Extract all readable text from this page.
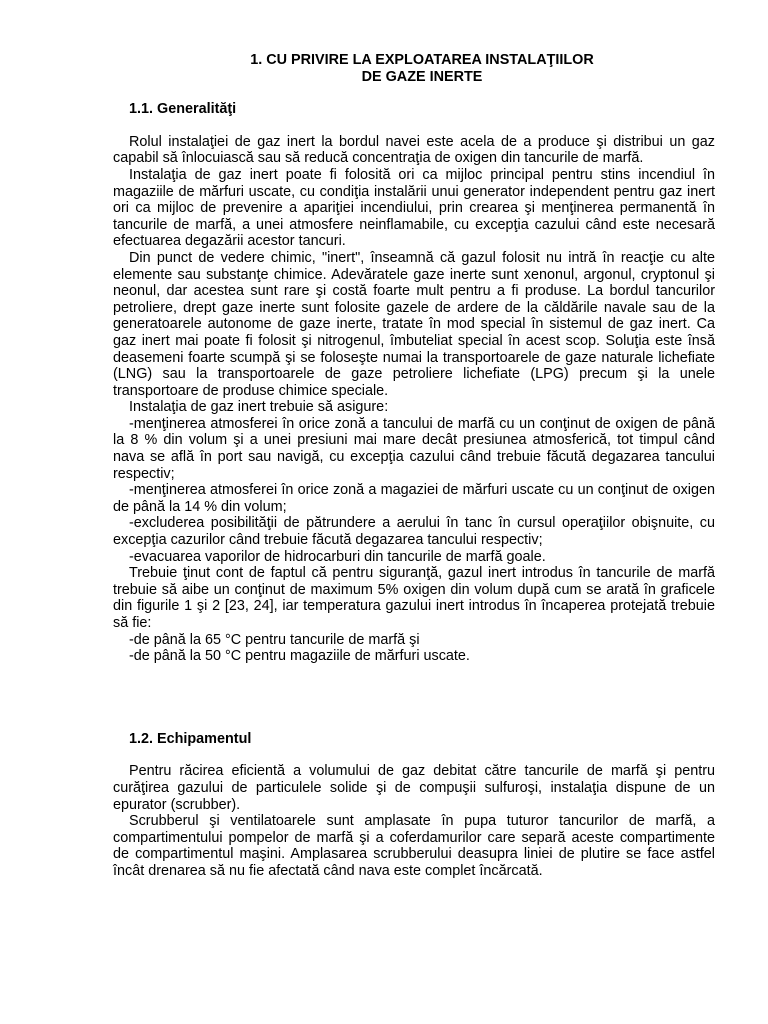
1. CU PRIVIRE LA EXPLOATAREA INSTALAŢIILOR
DE GAZE INERTE
1.1. Generalităţi

Rolul instalaţiei de gaz inert la bordul navei este acela de a produce şi distribui un gaz capabil să înlocuiască sau să reducă concentraţia de oxigen din tancurile de marfă.

Instalaţia de gaz inert poate fi folosită ori ca mijloc principal pentru stins incendiul în magaziile de mărfuri uscate, cu condiţia instalării unui generator independent pentru gaz inert ori ca mijloc de prevenire a apariţiei incendiului, prin crearea şi menţinerea permanentă în tancurile de marfă, a unei atmosfere neinflamabile, cu excepţia cazului când este necesară efectuarea degazării acestor tancuri.

Din punct de vedere chimic, "inert", înseamnă că gazul folosit nu intră în reacţie cu alte elemente sau substanţe chimice. Adevăratele gaze inerte sunt xenonul, argonul, cryptonul şi neonul, dar acestea sunt rare şi costă foarte mult pentru a fi produse. La bordul tancurilor petroliere, drept gaze inerte sunt folosite gazele de ardere de la căldările navale sau de la generatoarele autonome de gaze inerte, tratate în mod special în sistemul de gaz inert. Ca gaz inert mai poate fi folosit şi nitrogenul, îmbuteliat special în acest scop. Soluţia este însă deasemeni foarte scumpă şi se foloseşte numai la transportoarele de gaze naturale lichefiate (LNG) sau la transportoarele de gaze petroliere lichefiate (LPG) precum şi la unele transportoare de produse chimice speciale.

Instalaţia de gaz inert trebuie să asigure:

-menţinerea atmosferei în orice zonă a tancului de marfă cu un conţinut de oxigen de până la 8 % din volum şi a unei presiuni mai mare decât presiunea atmosferică, tot timpul când nava se află în port sau navigă, cu excepţia cazului când trebuie făcută degazarea tancului respectiv;

-menţinerea atmosferei în orice zonă a magaziei de mărfuri uscate cu un conţinut de oxigen de până la 14 % din volum;

-excluderea posibilităţii de pătrundere a aerului în tanc în cursul operaţiilor obişnuite, cu excepţia cazurilor când trebuie făcută degazarea tancului respectiv;

-evacuarea vaporilor de hidrocarburi din tancurile de marfă goale.

Trebuie ţinut cont de faptul că pentru siguranţă, gazul inert introdus în tancurile de marfă trebuie să aibe un conţinut de maximum 5% oxigen din volum după cum se arată în graficele din figurile 1 şi 2 [23, 24], iar temperatura gazului inert introdus în încaperea protejată trebuie să fie:

-de până la 65 °C pentru tancurile de marfă şi

-de până la 50 °C pentru magaziile de mărfuri uscate.

1.2. Echipamentul

Pentru răcirea eficientă a volumului de gaz debitat către tancurile de marfă şi pentru curăţirea gazului de particulele solide şi de compuşii sulfuroşi, instalaţia dispune de un epurator (scrubber).

Scrubberul şi ventilatoarele sunt amplasate în pupa tuturor tancurilor de marfă, a compartimentului pompelor de marfă şi a coferdamurilor care separă aceste compartimente de compartimentul maşini. Amplasarea scrubberului deasupra liniei de plutire se face astfel încât drenarea să nu fie afectată când nava este complet încărcată.
